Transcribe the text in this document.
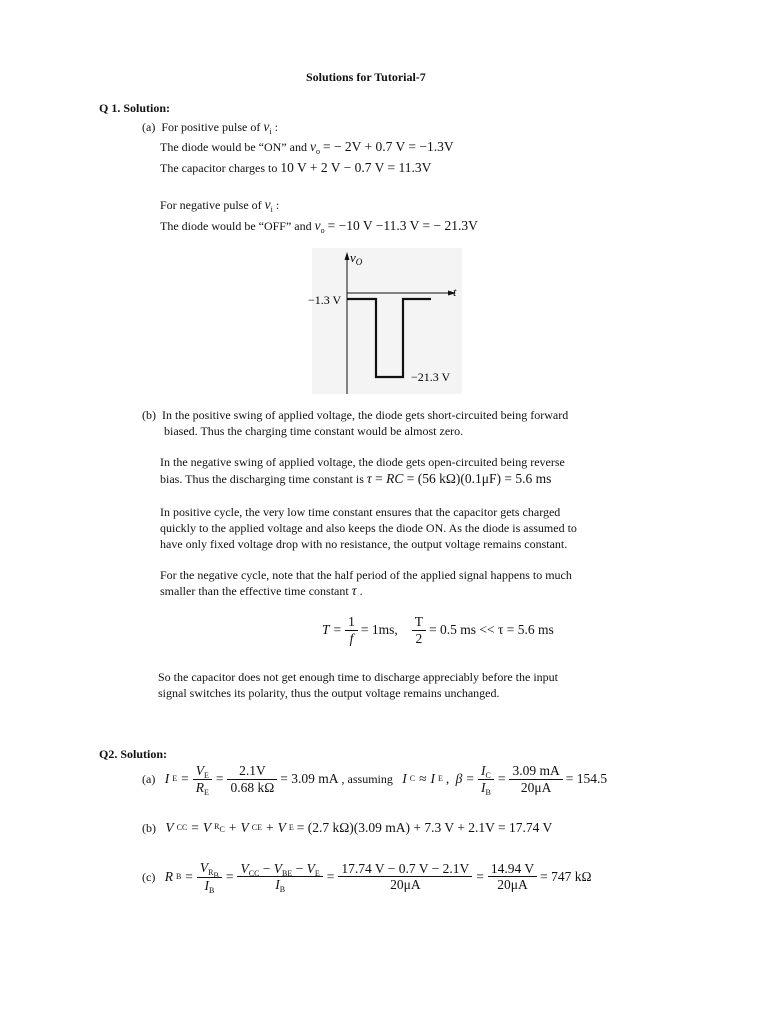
Solutions for Tutorial-7
Q 1. Solution:
(a) For positive pulse of $v_i$ :
The diode would be “ON” and $v_o$ = − 2V + 0.7 V = −1.3V
The capacitor charges to 10 V + 2 V − 0.7 V = 11.3V
For negative pulse of $v_i$ :
The diode would be “OFF” and $v_o = -10$ V −11.3 V = − 21.3V
$v_O$
t
−1.3 V
−21.3 V
(b) In the positive swing of applied voltage, the diode gets short-circuited being forward
biased. Thus the charging time constant would be almost zero.
In the negative swing of applied voltage, the diode gets open-circuited being reverse
bias. Thus the discharging time constant is τ = RC = (56 kΩ)(0.1μF) = 5.6 ms
In positive cycle, the very low time constant ensures that the capacitor gets charged
quickly to the applied voltage and also keeps the diode ON. As the diode is assumed to
have only fixed voltage drop with no resistance, the output voltage remains constant.
For the negative cycle, note that the half period of the applied signal happens to much
smaller than the effective time constant τ .
$T = \frac{1}{f} = 1ms$, $\frac{T}{2} = 0.5$ ms << τ = 5.6 ms
So the capacitor does not get enough time to discharge appreciably before the input
signal switches its polarity, thus the output voltage remains unchanged.
Q2. Solution:
(a)
I $E = \frac{V_E}{R_E} = \frac{2.1V}{0.68 k\Omega} = 3.09$ mA , assuming
I C ≈ I E , $\beta = \frac{I_C}{I_B} = \frac{3.09 mA}{20\mu A} = 154.5$
(b)
V CC = V $R_C + V$ CE + V E = (2.7 kΩ)(3.09 mA) + 7.3 V + 2.1V = 17.74 V
(c)
R $B = \frac{V_{R_B}}{I_B} = \frac{V_{CC} - V_{BE} - V_E}{I_B} = \frac{17.74 V - 0.7 V - 2.1V}{20\mu A} = \frac{14.94 V}{20\mu A} = 747$ kΩ
